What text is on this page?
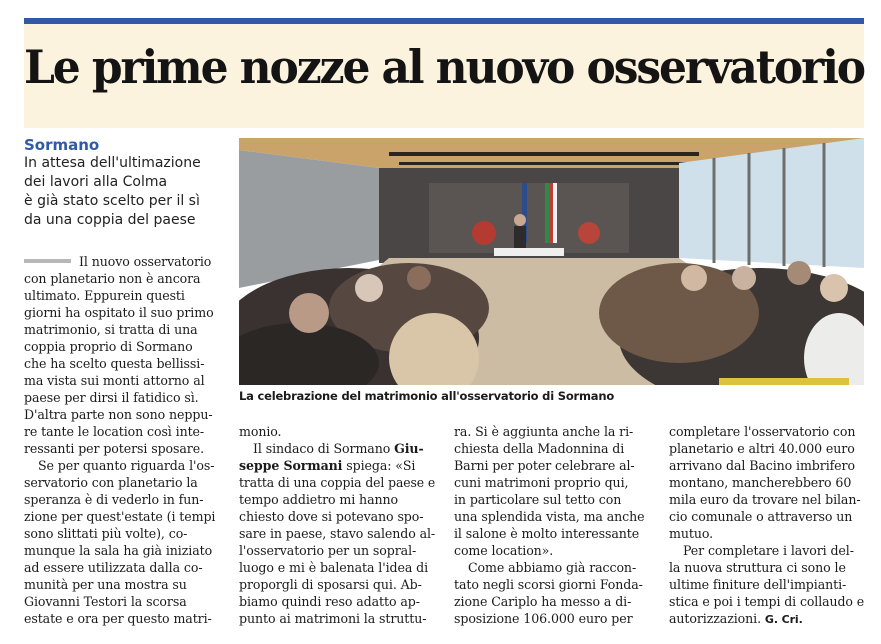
Le prime nozze al nuovo osservatorio
Sormano
In attesa dell'ultimazione
dei lavori alla Colma
è già stato scelto per il sì
da una coppia del paese
La celebrazione del matrimonio all'osservatorio di Sormano
Il nuovo osservatorio
con planetario non è ancora
ultimato. Eppurein questi
giorni ha ospitato il suo primo
matrimonio, si tratta di una
coppia proprio di Sormano
che ha scelto questa bellissi-
ma vista sui monti attorno al
paese per dirsi il fatidico sì.
D'altra parte non sono neppu-
re tante le location così inte-
ressanti per potersi sposare.
Se per quanto riguarda l'os-
servatorio con planetario la
speranza è di vederlo in fun-
zione per quest'estate (i tempi
sono slittati più volte), co-
munque la sala ha già iniziato
ad essere utilizzata dalla co-
munità per una mostra su
Giovanni Testori la scorsa
estate e ora per questo matri-
monio.
Il sindaco di Sormano Giu-
seppe Sormani spiega: «Si
tratta di una coppia del paese e
tempo addietro mi hanno
chiesto dove si potevano spo-
sare in paese, stavo salendo al-
l'osservatorio per un sopral-
luogo e mi è balenata l'idea di
proporgli di sposarsi qui. Ab-
biamo quindi reso adatto ap-
punto ai matrimoni la struttu-
ra. Si è aggiunta anche la ri-
chiesta della Madonnina di
Barni per poter celebrare al-
cuni matrimoni proprio qui,
in particolare sul tetto con
una splendida vista, ma anche
il salone è molto interessante
come location».
Come abbiamo già raccon-
tato negli scorsi giorni Fonda-
zione Cariplo ha messo a di-
sposizione 106.000 euro per
completare l'osservatorio con
planetario e altri 40.000 euro
arrivano dal Bacino imbrifero
montano, mancherebbero 60
mila euro da trovare nel bilan-
cio comunale o attraverso un
mutuo.
Per completare i lavori del-
la nuova struttura ci sono le
ultime finiture dell'impianti-
stica e poi i tempi di collaudo e
autorizzazioni. G. Cri.
